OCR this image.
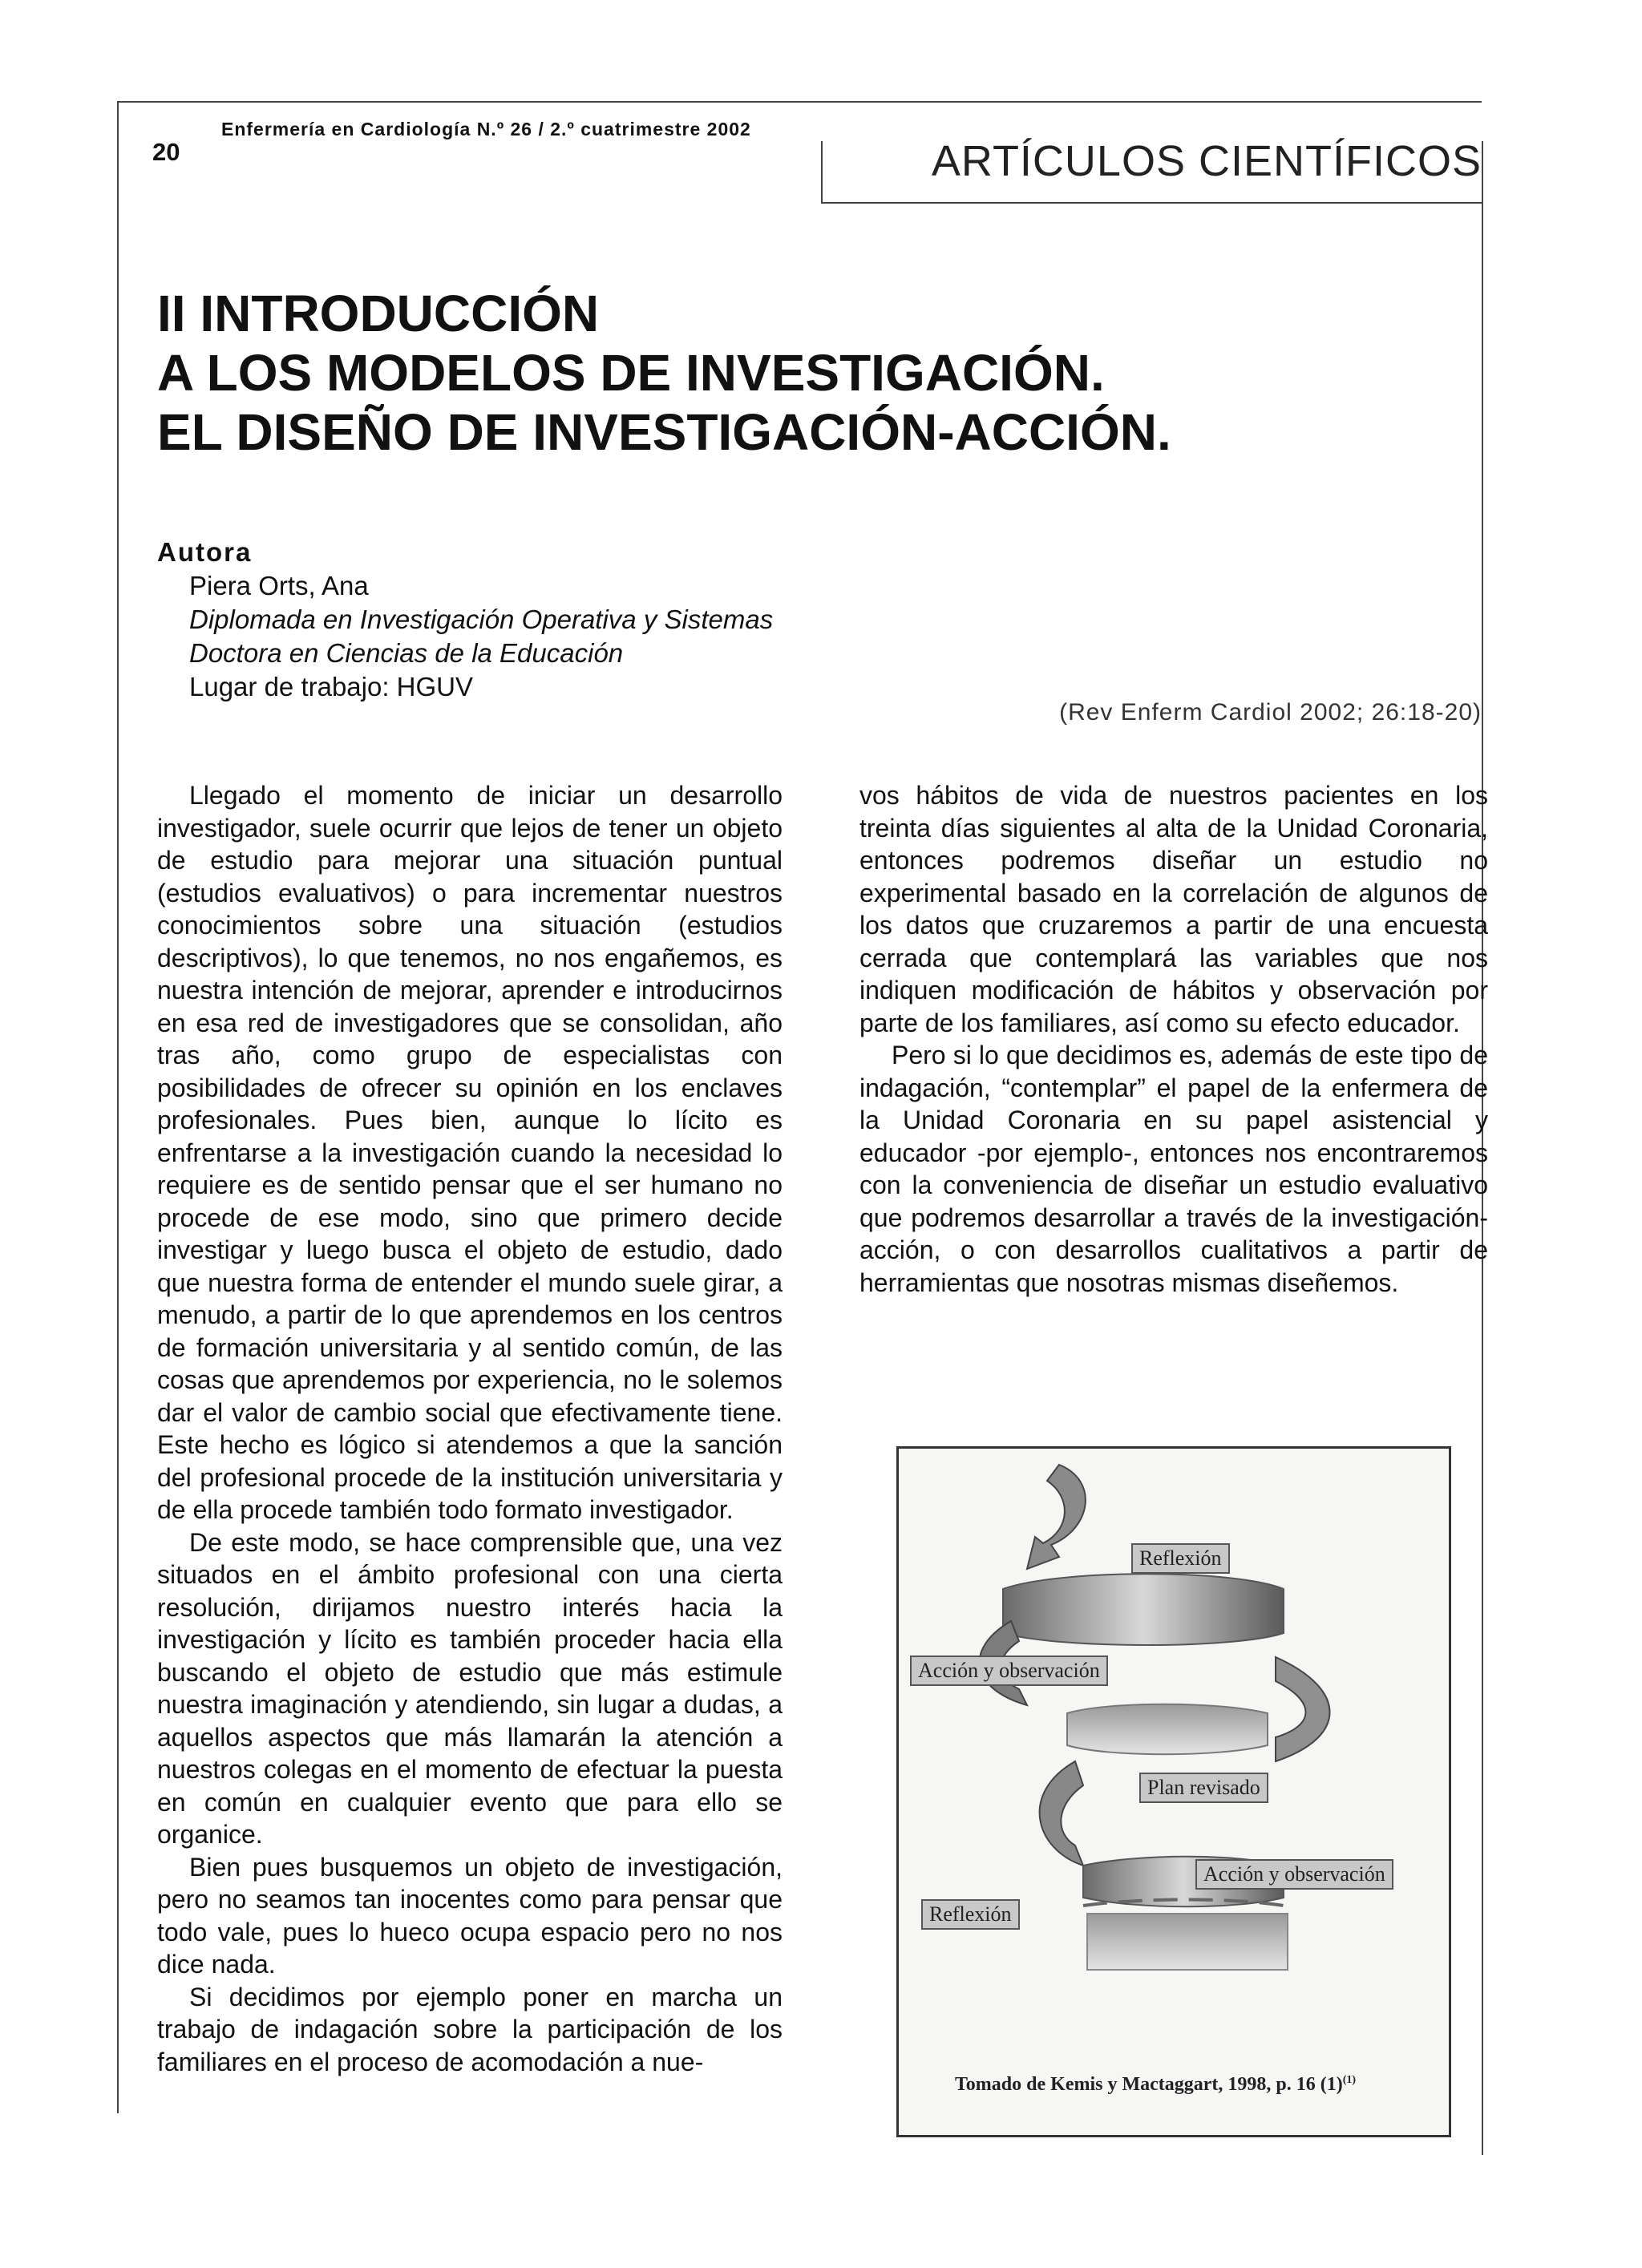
20
Enfermería en Cardiología N.º 26 / 2.º cuatrimestre 2002
ARTÍCULOS CIENTÍFICOS
II INTRODUCCIÓN
A LOS MODELOS DE INVESTIGACIÓN.
EL DISEÑO DE INVESTIGACIÓN-ACCIÓN.
Autora
Piera Orts, Ana
Diplomada en Investigación Operativa y Sistemas
Doctora en Ciencias de la Educación
Lugar de trabajo: HGUV
(Rev Enferm Cardiol 2002; 26:18-20)

Llegado el momento de iniciar un desarrollo investigador, suele ocurrir que lejos de tener un objeto de estudio para mejorar una situación puntual (estudios evaluativos) o para incrementar nuestros conocimientos sobre una situación (estudios descriptivos), lo que tenemos, no nos engañemos, es nuestra intención de mejorar, aprender e introducirnos en esa red de investigadores que se consolidan, año tras año, como grupo de especialistas con posibilidades de ofrecer su opinión en los enclaves profesionales. Pues bien, aunque lo lícito es enfrentarse a la investigación cuando la necesidad lo requiere es de sentido pensar que el ser humano no procede de ese modo, sino que primero decide investigar y luego busca el objeto de estudio, dado que nuestra forma de entender el mundo suele girar, a menudo, a partir de lo que aprendemos en los centros de formación universitaria y al sentido común, de las cosas que aprendemos por experiencia, no le solemos dar el valor de cambio social que efectivamente tiene. Este hecho es lógico si atendemos a que la sanción del profesional procede de la institución universitaria y de ella procede también todo formato investigador.

De este modo, se hace comprensible que, una vez situados en el ámbito profesional con una cierta resolución, dirijamos nuestro interés hacia la investigación y lícito es también proceder hacia ella buscando el objeto de estudio que más estimule nuestra imaginación y atendiendo, sin lugar a dudas, a aquellos aspectos que más llamarán la atención a nuestros colegas en el momento de efectuar la puesta en común en cualquier evento que para ello se organice.

Bien pues busquemos un objeto de investigación, pero no seamos tan inocentes como para pensar que todo vale, pues lo hueco ocupa espacio pero no nos dice nada.

Si decidimos por ejemplo poner en marcha un trabajo de indagación sobre la participación de los familiares en el proceso de acomodación a nue-

vos hábitos de vida de nuestros pacientes en los treinta días siguientes al alta de la Unidad Coronaria, entonces podremos diseñar un estudio no experimental basado en la correlación de algunos de los datos que cruzaremos a partir de una encuesta cerrada que contemplará las variables que nos indiquen modificación de hábitos y observación por parte de los familiares, así como su efecto educador.

Pero si lo que decidimos es, además de este tipo de indagación, “contemplar” el papel de la enfermera de la Unidad Coronaria en su papel asistencial y educador -por ejemplo-, entonces nos encontraremos con la conveniencia de diseñar un estudio evaluativo que podremos desarrollar a través de la investigación-acción, o con desarrollos cualitativos a partir de herramientas que nosotras mismas diseñemos.

Reflexión
Acción y observación
Plan revisado
Acción y observación
Reflexión
Tomado de Kemis y Mactaggart, 1998, p. 16 $(1)^{(1)}$
